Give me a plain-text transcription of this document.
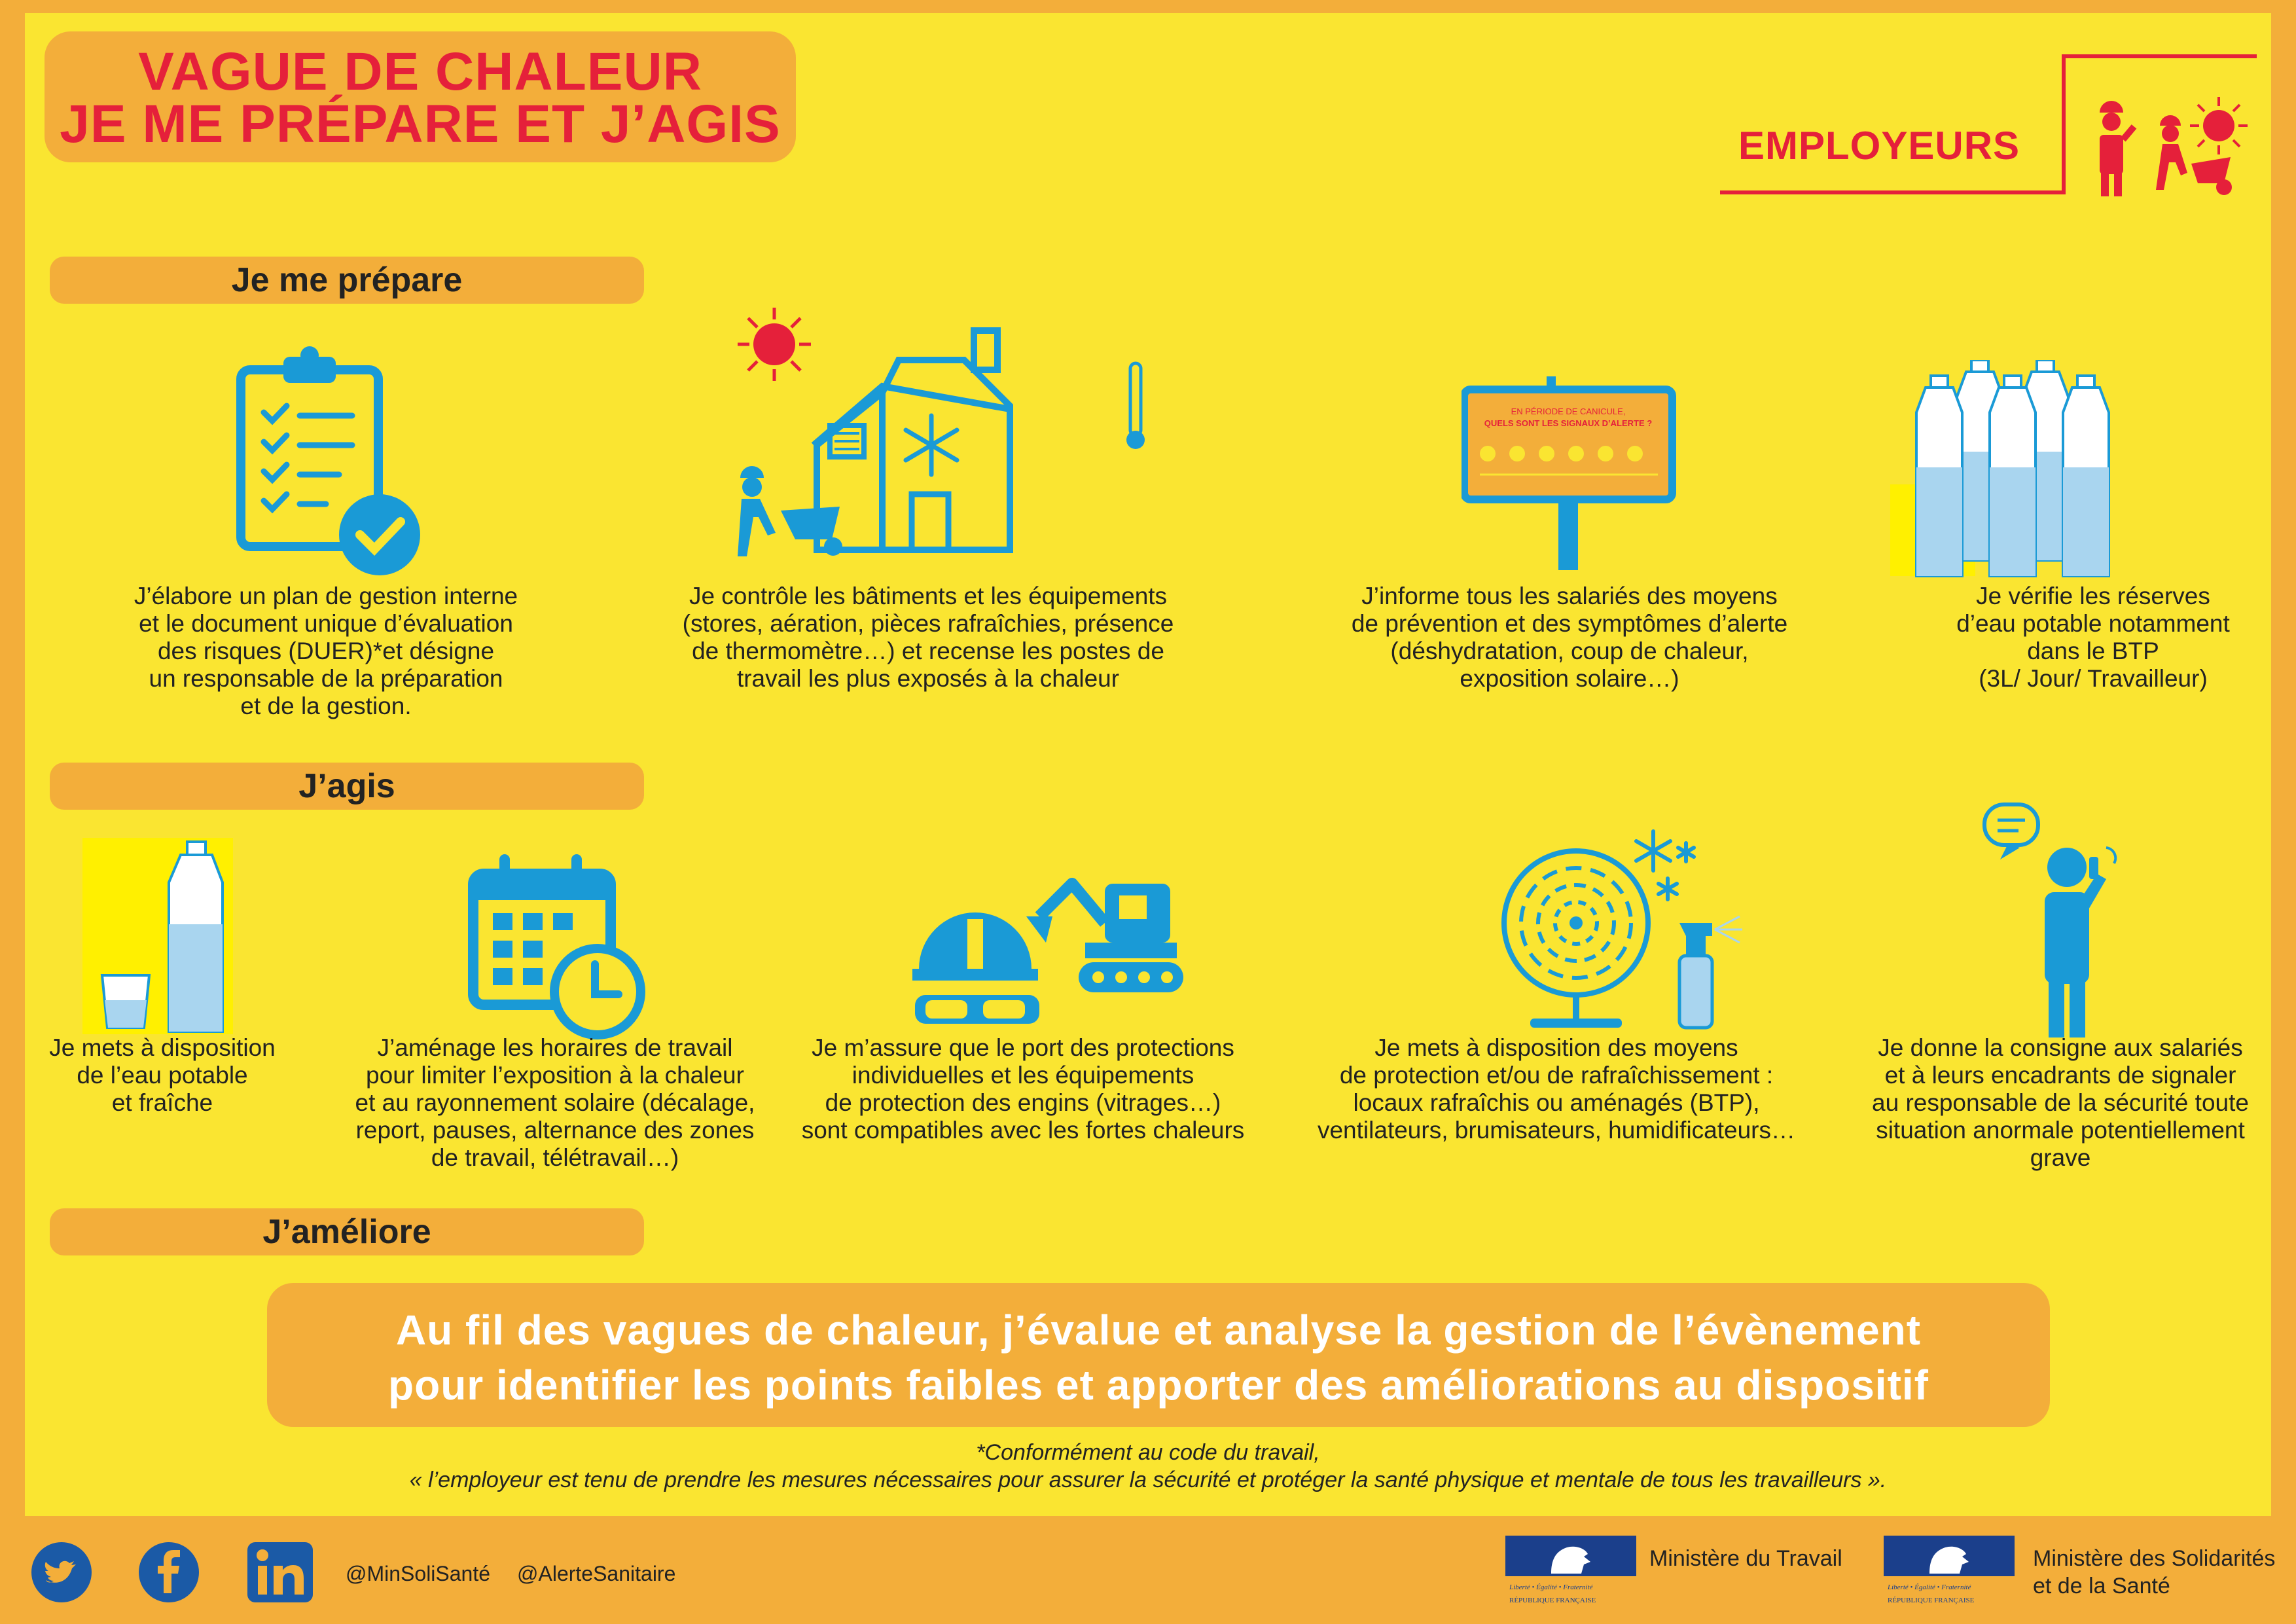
VAGUE DE CHALEUR
JE ME PRÉPARE ET J’AGIS	EMPLOYEURS
Je me prépare
J’agis
J’améliore
J’élabore un plan de gestion interne
et le document unique d’évaluation
des risques (DUER)*et désigne
un responsable de la préparation
et de la gestion.
Je contrôle les bâtiments et les équipements
(stores, aération, pièces rafraîchies, présence
de thermomètre…) et recense les postes de
travail les plus exposés à la chaleur
EN PÉRIODE DE CANICULE,
QUELS SONT LES SIGNAUX D’ALERTE ?
J’informe tous les salariés des moyens
de prévention et des symptômes d’alerte
(déshydratation, coup de chaleur,
exposition solaire…)
Je vérifie les réserves
d’eau potable notamment
dans le BTP
(3L/ Jour/ Travailleur)
Je mets à disposition
de l’eau potable
et fraîche
J’aménage les horaires de travail
pour limiter l’exposition à la chaleur
et au rayonnement solaire (décalage,
report, pauses, alternance des zones
de travail, télétravail…)
Je m’assure que le port des protections
individuelles et les équipements
de protection des engins (vitrages…)
sont compatibles avec les fortes chaleurs
Je mets à disposition des moyens
de protection et/ou de rafraîchissement :
locaux rafraîchis ou aménagés (BTP),
ventilateurs, brumisateurs, humidificateurs…
Je donne la consigne aux salariés
et à leurs encadrants de signaler
au responsable de la sécurité toute
situation anormale potentiellement
grave
Au fil des vagues de chaleur, j’évalue et analyse la gestion de l’évènement
pour identifier les points faibles et apporter des améliorations au dispositif
*Conformément au code du travail,
« l’employeur est tenu de prendre les mesures nécessaires pour assurer la sécurité et protéger la santé physique et mentale de tous les travailleurs ».
@MinSoliSanté @AlerteSanitaire
Liberté • Égalité • Fraternité
RÉPUBLIQUE FRANÇAISE
Ministère du Travail
Liberté • Égalité • Fraternité
RÉPUBLIQUE FRANÇAISE
Ministère des Solidarités
et de la Santé
